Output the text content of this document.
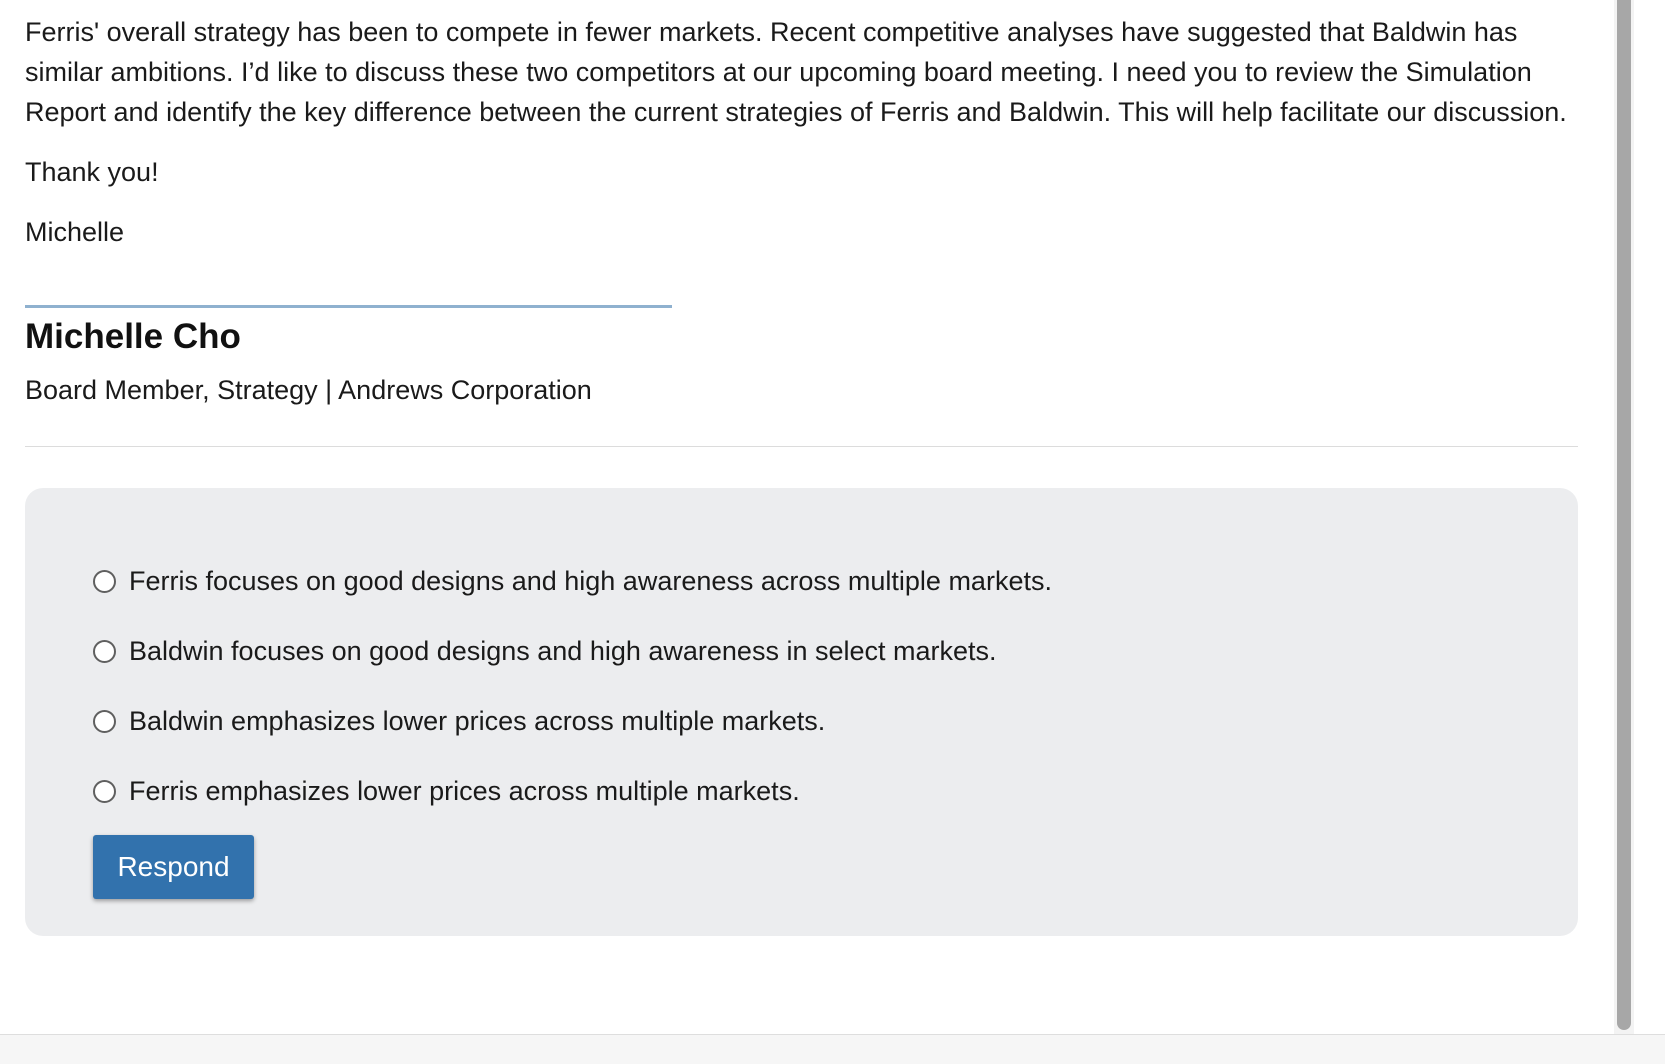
Ferris' overall strategy has been to compete in fewer markets. Recent competitive analyses have suggested that Baldwin has similar ambitions. I’d like to discuss these two competitors at our upcoming board meeting. I need you to review the Simulation Report and identify the key difference between the current strategies of Ferris and Baldwin. This will help facilitate our discussion.

Thank you!

Michelle

Michelle Cho
Board Member, Strategy | Andrews Corporation
Ferris focuses on good designs and high awareness across multiple markets.
Baldwin focuses on good designs and high awareness in select markets.
Baldwin emphasizes lower prices across multiple markets.
Ferris emphasizes lower prices across multiple markets.
Respond
